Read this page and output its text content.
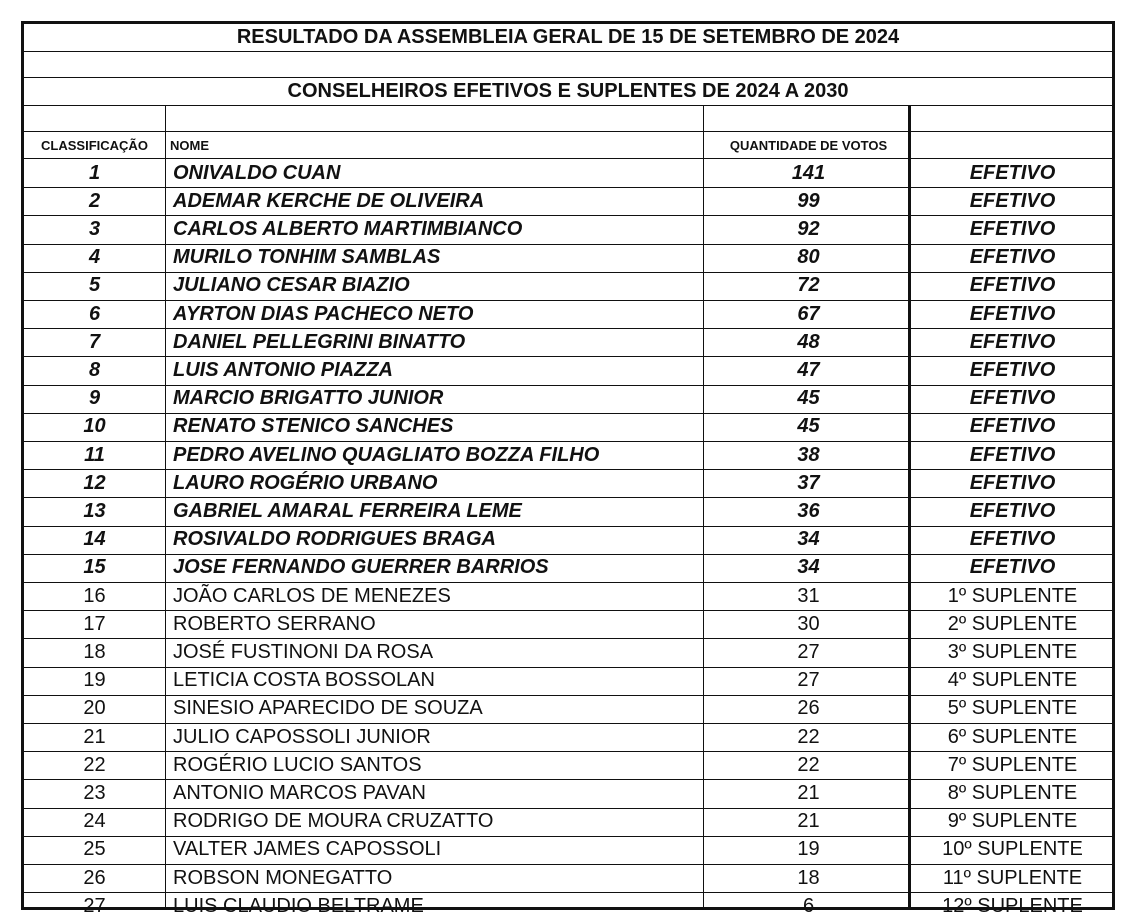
RESULTADO DA ASSEMBLEIA GERAL DE 15 DE SETEMBRO DE 2024
CONSELHEIROS EFETIVOS E SUPLENTES DE 2024 A 2030
CLASSIFICAÇÃO	NOME	QUANTIDADE DE VOTOS
1	ONIVALDO CUAN	141	EFETIVO
2	ADEMAR KERCHE DE OLIVEIRA	99	EFETIVO
3	CARLOS ALBERTO MARTIMBIANCO	92	EFETIVO
4	MURILO TONHIM SAMBLAS	80	EFETIVO
5	JULIANO CESAR BIAZIO	72	EFETIVO
6	AYRTON DIAS PACHECO NETO	67	EFETIVO
7	DANIEL PELLEGRINI BINATTO	48	EFETIVO
8	LUIS ANTONIO PIAZZA	47	EFETIVO
9	MARCIO BRIGATTO JUNIOR	45	EFETIVO
10	RENATO STENICO SANCHES	45	EFETIVO
11	PEDRO AVELINO QUAGLIATO BOZZA FILHO	38	EFETIVO
12	LAURO ROGÉRIO URBANO	37	EFETIVO
13	GABRIEL AMARAL FERREIRA LEME	36	EFETIVO
14	ROSIVALDO RODRIGUES BRAGA	34	EFETIVO
15	JOSE FERNANDO GUERRER BARRIOS	34	EFETIVO
16	JOÃO CARLOS DE MENEZES	31	1º SUPLENTE
17	ROBERTO SERRANO	30	2º SUPLENTE
18	JOSÉ FUSTINONI DA ROSA	27	3º SUPLENTE
19	LETICIA COSTA BOSSOLAN	27	4º SUPLENTE
20	SINESIO APARECIDO DE SOUZA	26	5º SUPLENTE
21	JULIO CAPOSSOLI JUNIOR	22	6º SUPLENTE
22	ROGÉRIO LUCIO SANTOS	22	7º SUPLENTE
23	ANTONIO MARCOS PAVAN	21	8º SUPLENTE
24	RODRIGO DE MOURA CRUZATTO	21	9º SUPLENTE
25	VALTER JAMES CAPOSSOLI	19	10º SUPLENTE
26	ROBSON MONEGATTO	18	11º SUPLENTE
27	LUIS CLAUDIO BELTRAME	6	12º SUPLENTE
